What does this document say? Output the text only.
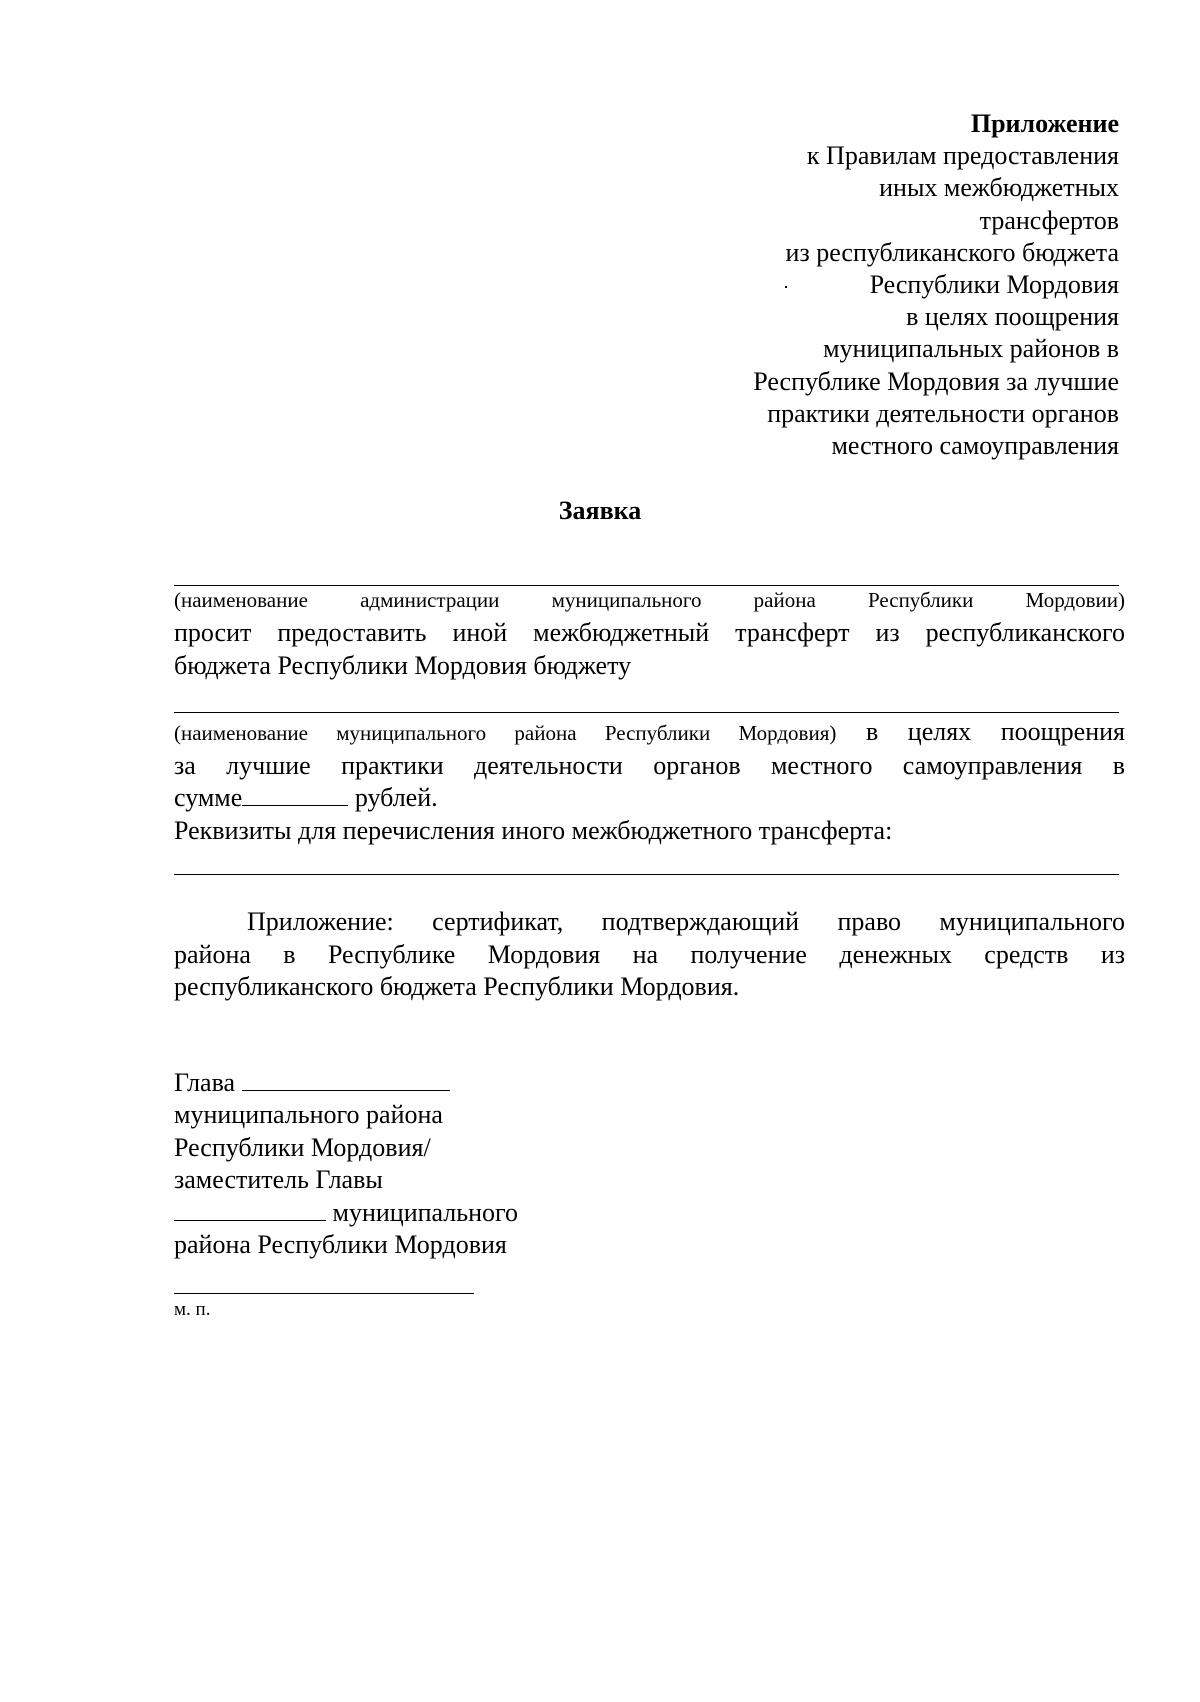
Приложение
к Правилам предоставления
иных межбюджетных
трансфертов
из республиканского бюджета
Республики Мордовия
в целях поощрения
муниципальных районов в
Республике Мордовия за лучшие
практики деятельности органов
местного самоуправления
Заявка
(наименование администрации муниципального района Республики Мордовии)
просит предоставить иной межбюджетный трансферт из республиканского
бюджета Республики Мордовия бюджету
(наименование муниципального района Республики Мордовия) в целях поощрения
за лучшие практики деятельности органов местного самоуправления в
сумме	рублей.
Реквизиты для перечисления иного межбюджетного трансферта:
Приложение: сертификат, подтверждающий право муниципального
района в Республике Мордовия на получение денежных средств из
республиканского бюджета Республики Мордовия.
Глава
муниципального района
Республики Мордовия/
заместитель Главы
муниципального
района Республики Мордовия
м. п.
